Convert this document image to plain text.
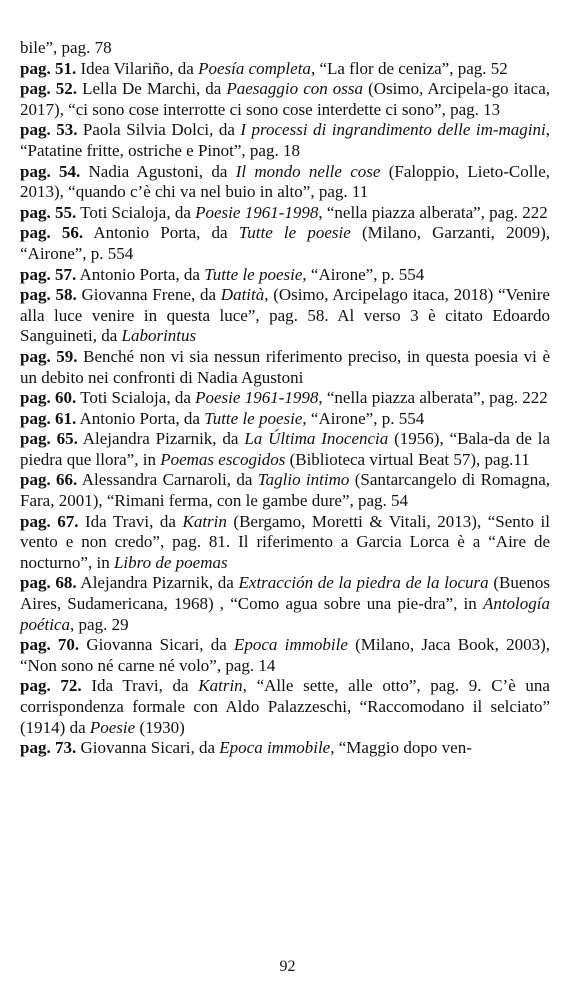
bile”, pag. 78

pag. 51. Idea Vilariño, da Poesía completa, “La flor de ceniza”, pag. 52

pag. 52. Lella De Marchi, da Paesaggio con ossa (Osimo, Arcipela-go itaca, 2017), “ci sono cose interrotte ci sono cose interdette ci sono”, pag. 13

pag. 53. Paola Silvia Dolci, da I processi di ingrandimento delle im-magini, “Patatine fritte, ostriche e Pinot”, pag. 18

pag. 54. Nadia Agustoni, da Il mondo nelle cose (Faloppio, Lieto-Colle, 2013), “quando c’è chi va nel buio in alto”, pag. 11

pag. 55. Toti Scialoja, da Poesie 1961-1998, “nella piazza alberata”, pag. 222

pag. 56. Antonio Porta, da Tutte le poesie (Milano, Garzanti, 2009), “Airone”, p. 554

pag. 57. Antonio Porta, da Tutte le poesie, “Airone”, p. 554

pag. 58. Giovanna Frene, da Datità, (Osimo, Arcipelago itaca, 2018) “Venire alla luce venire in questa luce”, pag. 58. Al verso 3 è citato Edoardo Sanguineti, da Laborintus

pag. 59. Benché non vi sia nessun riferimento preciso, in questa poesia vi è un debito nei confronti di Nadia Agustoni

pag. 60. Toti Scialoja, da Poesie 1961-1998, “nella piazza alberata”, pag. 222

pag. 61. Antonio Porta, da Tutte le poesie, “Airone”, p. 554

pag. 65. Alejandra Pizarnik, da La Última Inocencia (1956), “Bala-da de la piedra que llora”, in Poemas escogidos (Biblioteca virtual Beat 57), pag.11

pag. 66. Alessandra Carnaroli, da Taglio intimo (Santarcangelo di Romagna, Fara, 2001), “Rimani ferma, con le gambe dure”, pag. 54

pag. 67. Ida Travi, da Katrin (Bergamo, Moretti & Vitali, 2013), “Sento il vento e non credo”, pag. 81. Il riferimento a Garcia Lorca è a “Aire de nocturno”, in Libro de poemas

pag. 68. Alejandra Pizarnik, da Extracción de la piedra de la locura (Buenos Aires, Sudamericana, 1968) , “Como agua sobre una pie-dra”, in Antología poética, pag. 29

pag. 70. Giovanna Sicari, da Epoca immobile (Milano, Jaca Book, 2003), “Non sono né carne né volo”, pag. 14

pag. 72. Ida Travi, da Katrin, “Alle sette, alle otto”, pag. 9. C’è una corrispondenza formale con Aldo Palazzeschi, “Raccomodano il selciato” (1914) da Poesie (1930)

pag. 73. Giovanna Sicari, da Epoca immobile, “Maggio dopo ven-

92
